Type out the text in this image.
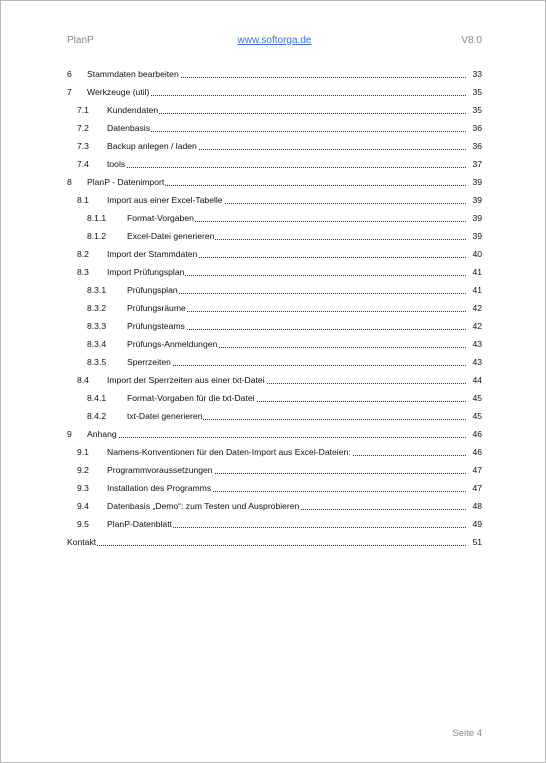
PlanP	www.softorga.de	V8.0
6 Stammdaten bearbeiten	33
7 Werkzeuge (util)	35
7.1 Kundendaten	35
7.2 Datenbasis	36
7.3 Backup anlegen / laden	36
7.4 tools	37
8 PlanP - Datenimport	39
8.1 Import aus einer Excel-Tabelle	39
8.1.1 Format-Vorgaben	39
8.1.2 Excel-Datei generieren	39
8.2 Import der Stammdaten	40
8.3 Import Prüfungsplan	41
8.3.1 Prüfungsplan	41
8.3.2 Prüfungsräume	42
8.3.3 Prüfungsteams	42
8.3.4 Prüfungs-Anmeldungen	43
8.3.5 Sperrzeiten	43
8.4 Import der Sperrzeiten aus einer txt-Datei	44
8.4.1 Format-Vorgaben für die txt-Datei	45
8.4.2 txt-Datei generieren	45
9 Anhang	46
9.1 Namens-Konventionen für den Daten-Import aus Excel-Dateien:	46
9.2 Programmvoraussetzungen	47
9.3 Installation des Programms	47
9.4 Datenbasis „Demo“: zum Testen und Ausprobieren	48
9.5 PlanP-Datenblatt	49
Kontakt	51
Seite 4
